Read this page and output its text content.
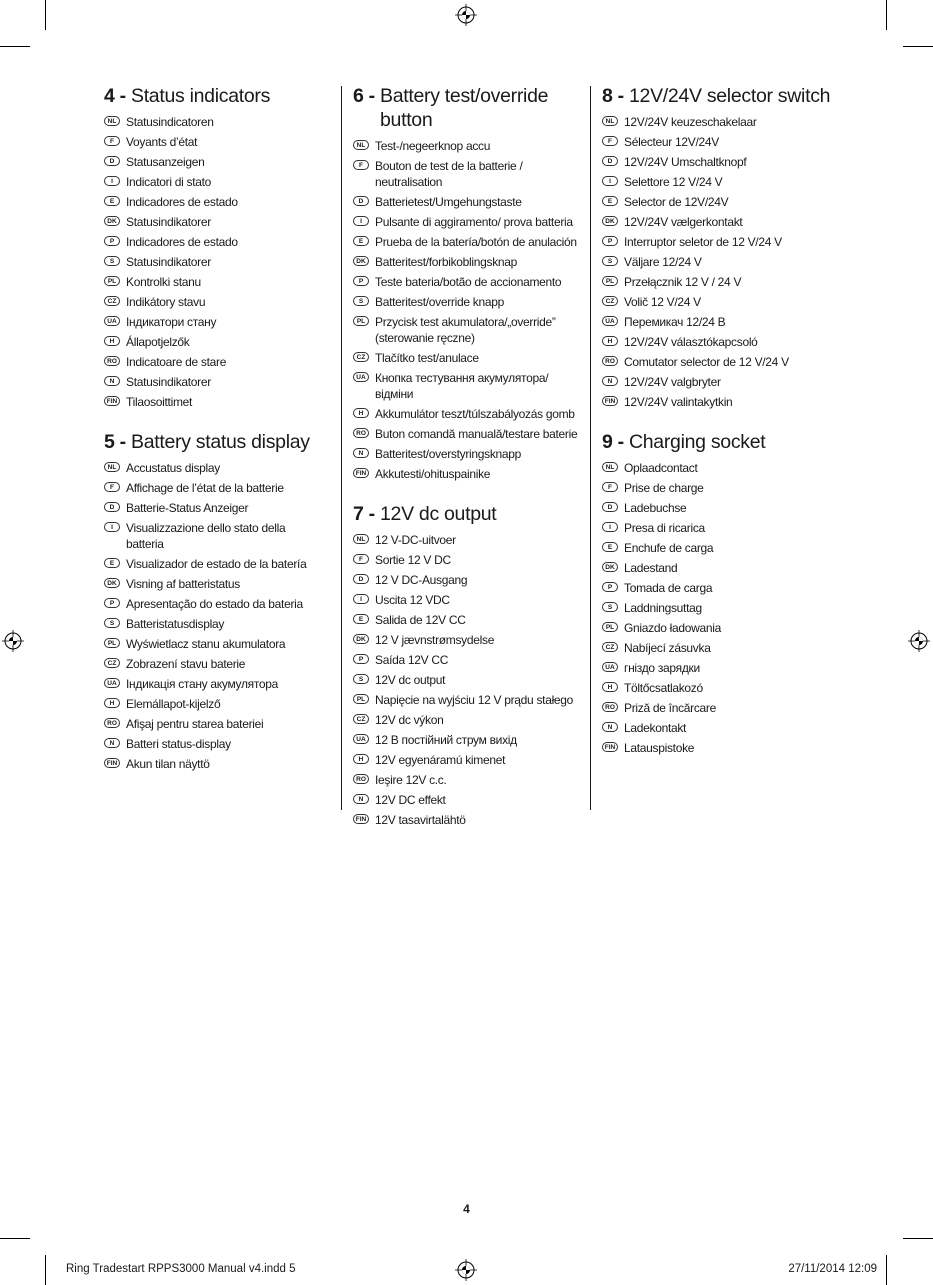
4 - Status indicators
NL Statusindicatoren
F	Voyants d’état
D Statusanzeigen
I	Indicatori di stato
E Indicadores de estado
DK Statusindikatorer
P Indicadores de estado
S Statusindikatorer
PL Kontrolki stanu
CZ Indikátory stavu
UA Індикатори стану
H Állapotjelzők
RO Indicatoare de stare
N Statusindikatorer
FIN Tilaosoittimet
5 - Battery status display
NL Accustatus display
F	Affichage de l’état de la batterie
D Batterie-Status Anzeiger
I	Visualizzazione dello stato della batteria
E Visualizador de estado de la batería
DK Visning af batteristatus
P Apresentação do estado da bateria
S Batteristatusdisplay
PL Wyświetlacz stanu akumulatora
CZ Zobrazení stavu baterie
UA Індикація стану акумулятора
H Elemállapot-kijelző
RO Afişaj pentru starea bateriei
N Batteri status-display
FIN Akun tilan näyttö
6 - Battery test/override button
NL Test-/negeerknop accu
F	Bouton de test de la batterie / neutralisation
D Batterietest/Umgehungstaste
I	Pulsante di aggiramento/ prova batteria
E Prueba de la batería/botón de anulación
DK Batteritest/forbikoblingsknap
P Teste bateria/botão de accionamento
S Batteritest/override knapp
PL Przycisk test akumulatora/„override” (sterowanie ręczne)
CZ Tlačítko test/anulace
UA Кнопка тестування акумулятора/ відміни
H Akkumulátor teszt/túlszabályozás gomb
RO Buton comandă manuală/testare baterie
N Batteritest/overstyringsknapp
FIN Akkutesti/ohituspainike
7 - 12V dc output
NL 12 V-DC-uitvoer
F	Sortie 12 V DC
D 12 V DC-Ausgang
I	Uscita 12 VDC
E Salida de 12V CC
DK 12 V jævnstrømsydelse
P Saída 12V CC
S 12V dc output
PL Napięcie na wyjściu 12 V prądu stałego
CZ 12V dc výkon
UA 12 В постійний струм вихід
H 12V egyenáramú kimenet
RO Ieşire 12V c.c.
N 12V DC effekt
FIN 12V tasavirtalähtö
8 - 12V/24V selector switch
NL 12V/24V keuzeschakelaar
F	Sélecteur 12V/24V
D 12V/24V Umschaltknopf
I	Selettore 12 V/24 V
E Selector de 12V/24V
DK 12V/24V vælgerkontakt
P Interruptor seletor de 12 V/24 V
S Väljare 12/24 V
PL Przełącznik 12 V / 24 V
CZ Volič 12 V/24 V
UA Перемикач 12/24 В
H 12V/24V választókapcsoló
RO Comutator selector de 12 V/24 V
N 12V/24V valgbryter
FIN 12V/24V valintakytkin
9 - Charging socket
NL Oplaadcontact
F	Prise de charge
D Ladebuchse
I	Presa di ricarica
E Enchufe de carga
DK Ladestand
P Tomada de carga
S Laddningsuttag
PL Gniazdo ładowania
CZ Nabíjecí zásuvka
UA гніздо зарядки
H Töltőcsatlakozó
RO Priză de încărcare
N Ladekontakt
FIN Latauspistoke
4
Ring Tradestart RPPS3000 Manual v4.indd 5	27/11/2014 12:09
